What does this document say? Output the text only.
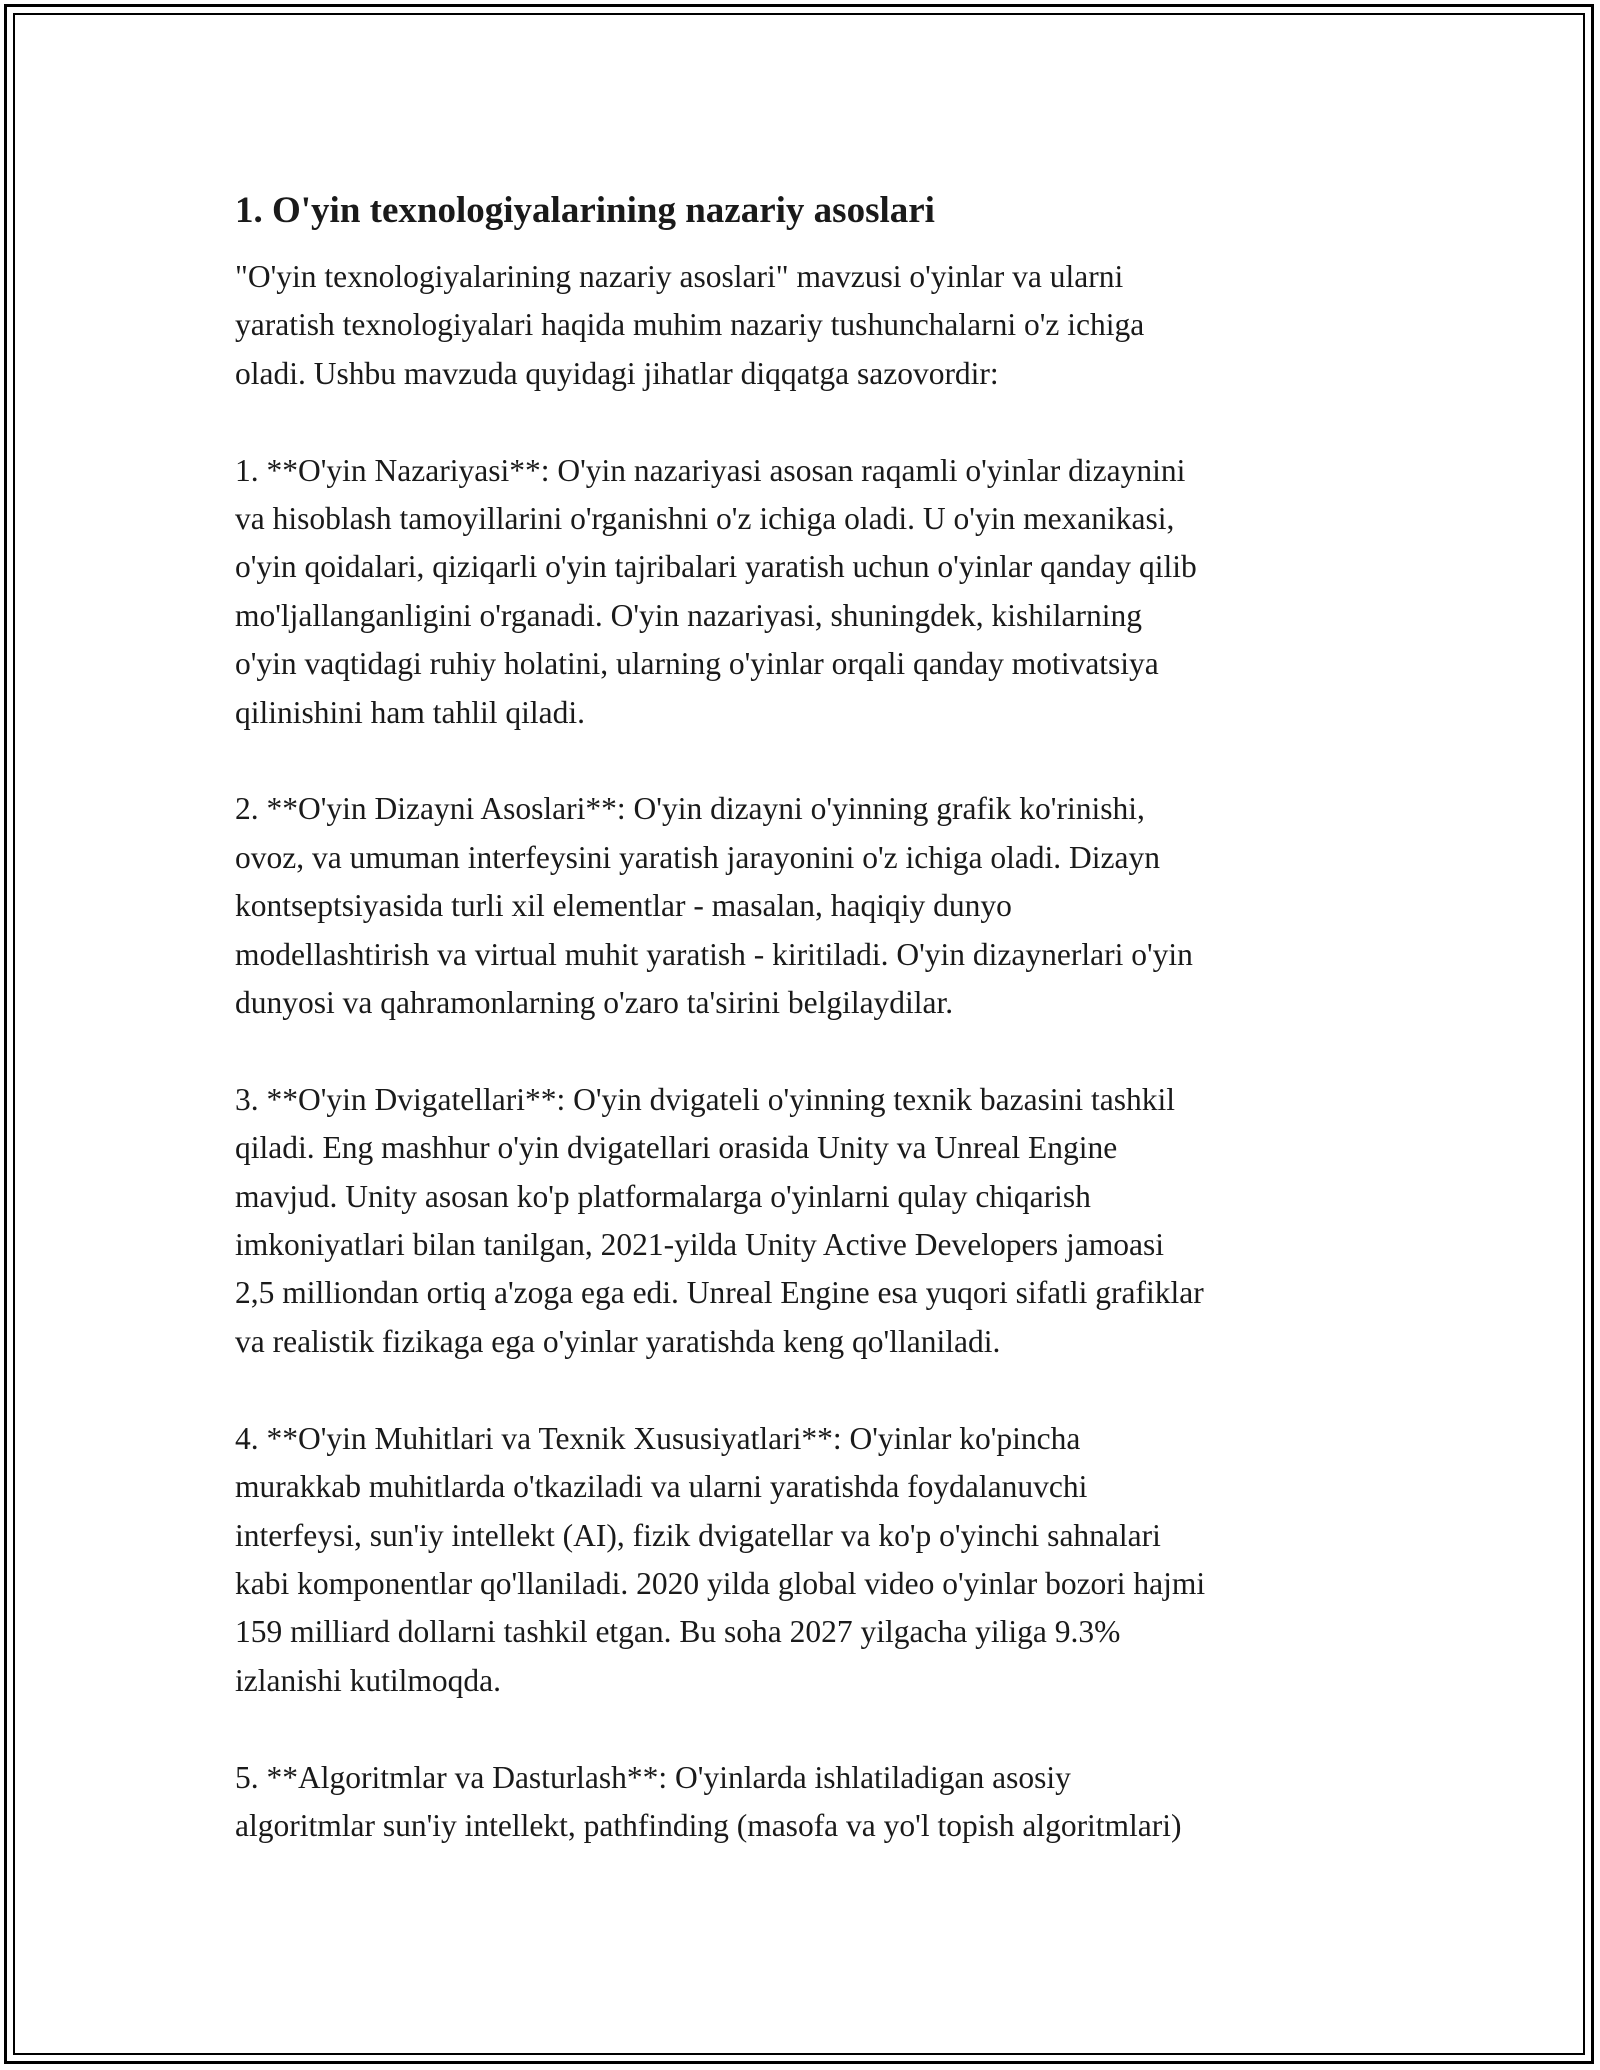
1. O'yin texnologiyalarining nazariy asoslari

"O'yin texnologiyalarining nazariy asoslari" mavzusi o'yinlar va ularni
yaratish texnologiyalari haqida muhim nazariy tushunchalarni o'z ichiga
oladi. Ushbu mavzuda quyidagi jihatlar diqqatga sazovordir:

1. **O'yin Nazariyasi**: O'yin nazariyasi asosan raqamli o'yinlar dizaynini
va hisoblash tamoyillarini o'rganishni o'z ichiga oladi. U o'yin mexanikasi,
o'yin qoidalari, qiziqarli o'yin tajribalari yaratish uchun o'yinlar qanday qilib
mo'ljallanganligini o'rganadi. O'yin nazariyasi, shuningdek, kishilarning
o'yin vaqtidagi ruhiy holatini, ularning o'yinlar orqali qanday motivatsiya
qilinishini ham tahlil qiladi.

2. **O'yin Dizayni Asoslari**: O'yin dizayni o'yinning grafik ko'rinishi,
ovoz, va umuman interfeysini yaratish jarayonini o'z ichiga oladi. Dizayn
kontseptsiyasida turli xil elementlar - masalan, haqiqiy dunyo
modellashtirish va virtual muhit yaratish - kiritiladi. O'yin dizaynerlari o'yin
dunyosi va qahramonlarning o'zaro ta'sirini belgilaydilar.

3. **O'yin Dvigatellari**: O'yin dvigateli o'yinning texnik bazasini tashkil
qiladi. Eng mashhur o'yin dvigatellari orasida Unity va Unreal Engine
mavjud. Unity asosan ko'p platformalarga o'yinlarni qulay chiqarish
imkoniyatlari bilan tanilgan, 2021-yilda Unity Active Developers jamoasi
2,5 milliondan ortiq a'zoga ega edi. Unreal Engine esa yuqori sifatli grafiklar
va realistik fizikaga ega o'yinlar yaratishda keng qo'llaniladi.

4. **O'yin Muhitlari va Texnik Xususiyatlari**: O'yinlar ko'pincha
murakkab muhitlarda o'tkaziladi va ularni yaratishda foydalanuvchi
interfeysi, sun'iy intellekt (AI), fizik dvigatellar va ko'p o'yinchi sahnalari
kabi komponentlar qo'llaniladi. 2020 yilda global video o'yinlar bozori hajmi
159 milliard dollarni tashkil etgan. Bu soha 2027 yilgacha yiliga 9.3%
izlanishi kutilmoqda.

5. **Algoritmlar va Dasturlash**: O'yinlarda ishlatiladigan asosiy
algoritmlar sun'iy intellekt, pathfinding (masofa va yo'l topish algoritmlari)
